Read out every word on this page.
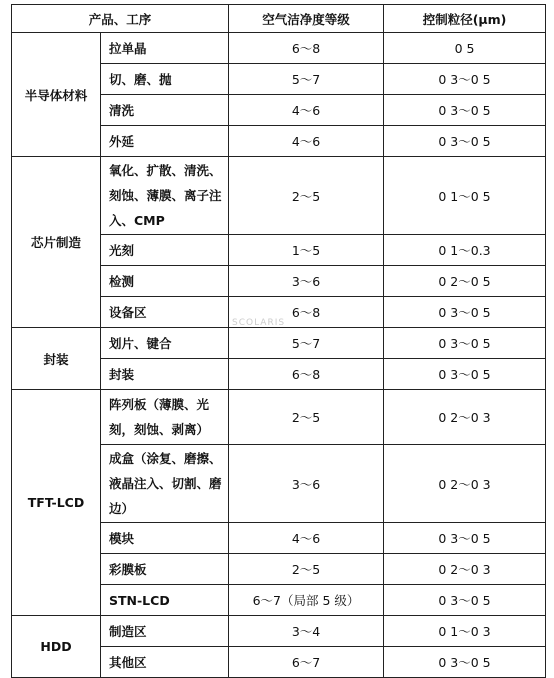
产品、工序		空气洁净度等级	控制粒径(μm)
半导体材料	拉单晶	6～8	0 5
	切、磨、抛	5～7	0 3～0 5
	清洗	4～6	0 3～0 5
	外延	4～6	0 3～0 5
芯片制造	氧化、扩散、清洗、刻蚀、薄膜、离子注入、CMP	2～5	0 1～0 5
	光刻	1～5	0 1～0.3
	检测	3～6	0 2～0 5
	设备区	6～8	0 3～0 5
封装	划片、键合	5～7	0 3～0 5
	封装	6～8	0 3～0 5
TFT-LCD	阵列板（薄膜、光刻，刻蚀、剥离）	2～5	0 2～0 3
	成盒（涂复、磨擦、液晶注入、切割、磨边）	3～6	0 2～0 3
	模块	4～6	0 3～0 5
	彩膜板	2～5	0 2～0 3
	STN-LCD	6～7（局部 5 级）	0 3～0 5
HDD	制造区	3～4	0 1～0 3
	其他区	6～7	0 3～0 5
SCOLARIS
